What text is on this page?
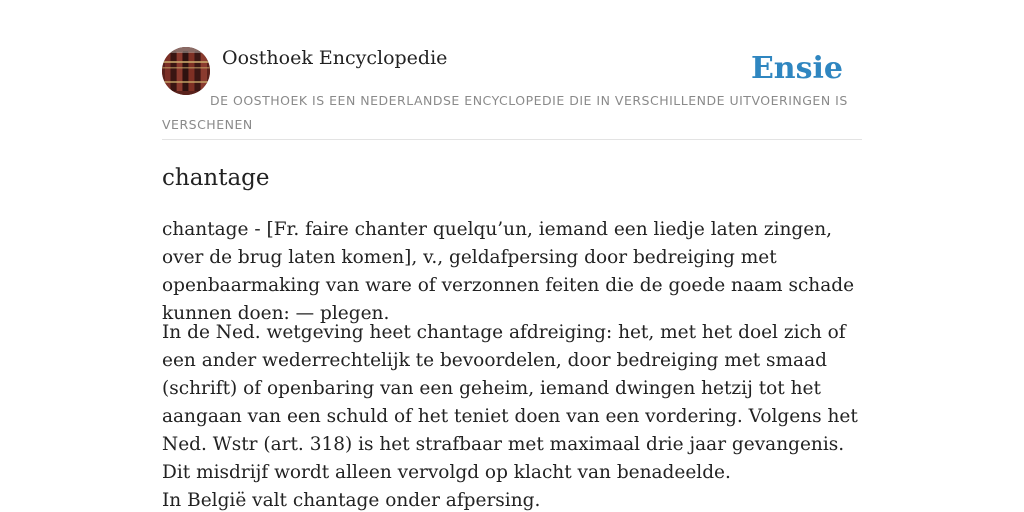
Oosthoek Encyclopedie	Ensie
DE OOSTHOEK IS EEN NEDERLANDSE ENCYCLOPEDIE DIE IN VERSCHILLENDE UITVOERINGEN IS VERSCHENEN
chantage

chantage - [Fr. faire chanter quelqu’un, iemand een liedje laten zingen, over de brug laten komen], v., geldafpersing door bedreiging met openbaarmaking van ware of verzonnen feiten die de goede naam schade kunnen doen: — plegen.

In de Ned. wetgeving heet chantage afdreiging: het, met het doel zich of een ander wederrechtelijk te bevoordelen, door bedreiging met smaad (schrift) of openbaring van een geheim, iemand dwingen hetzij tot het aangaan van een schuld of het teniet doen van een vordering. Volgens het Ned. Wstr (art. 318) is het strafbaar met maximaal drie jaar gevangenis. Dit misdrijf wordt alleen vervolgd op klacht van benadeelde.
In België valt chantage onder afpersing.
